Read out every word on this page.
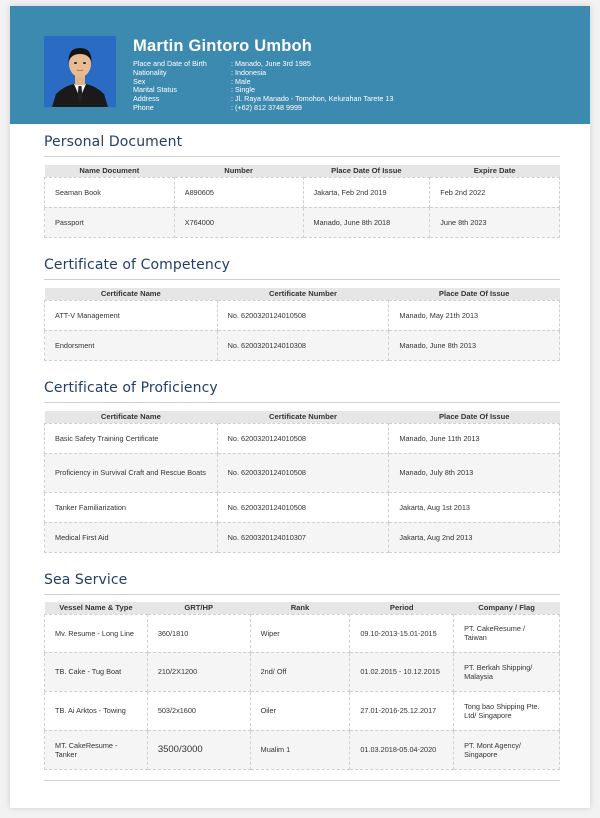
Martin Gintoro Umboh
Place and Date of Birth	: Manado, June 3rd 1985
Nationality	: Indonesia
Sex	: Male
Marital Status	: Single
Address	: Jl. Raya Manado - Tomohon, Kelurahan Tarete 13
Phone	: (+62) 812 3748 9999
Personal Document
Name Document	Number	Place Date Of Issue	Expire Date
Seaman Book	A890605	Jakarta, Feb 2nd 2019	Feb 2nd 2022
Passport	X764000	Manado, June 8th 2018	June 8th 2023
Certificate of Competency
Certificate Name	Certificate Number	Place Date Of Issue
ATT-V Management	No. 6200320124010508	Manado, May 21th 2013
Endorsment	No. 6200320124010308	Manado, June 8th 2013
Certificate of Proficiency
Certificate Name	Certificate Number	Place Date Of Issue
Basic Safety Training Certificate	No. 6200320124010508	Manado, June 11th 2013
Proficiency in Survival Craft and Rescue Boats	No. 6200320124010508	Manado, July 8th 2013
Tanker Familiarization	No. 6200320124010508	Jakarta, Aug 1st 2013
Medical First Aid	No. 6200320124010307	Jakarta, Aug 2nd 2013
Sea Service
Vessel Name & Type	GRT/HP	Rank	Period	Company / Flag
Mv. Resume - Long Line	360/1810	Wiper	09.10-2013-15.01-2015	PT. CakeResume / Taiwan
TB. Cake - Tug Boat	210/2X1200	2nd/ Off	01.02.2015 - 10.12.2015	PT. Berkah Shipping/ Malaysia
TB. Ai Arktos - Towing	503/2x1600	Oiler	27.01-2016-25.12.2017	Tong bao Shipping Pte. Ltd/ Singapore
MT. CakeResume - Tanker	3500/3000	Mualim 1	01.03.2018-05.04-2020	PT. Mont Agency/ Singapore
